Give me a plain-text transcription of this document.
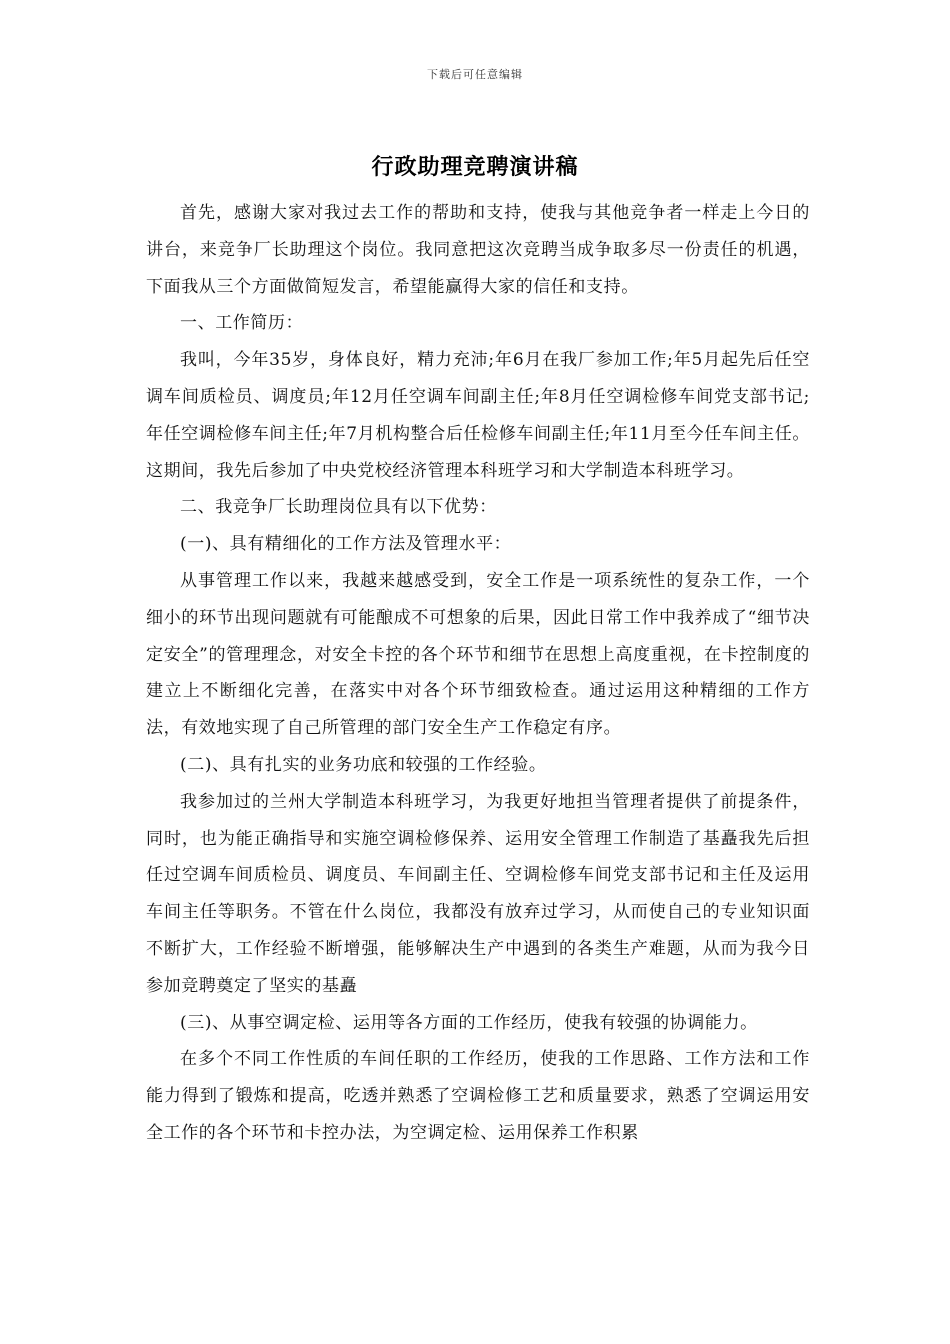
下载后可任意编辑
行政助理竞聘演讲稿

首先，感谢大家对我过去工作的帮助和支持，使我与其他竞争者一样走上今日的讲台，来竞争厂长助理这个岗位。我同意把这次竞聘当成争取多尽一份责任的机遇，下面我从三个方面做简短发言，希望能赢得大家的信任和支持。

一、工作简历：

我叫，今年35岁，身体良好，精力充沛;年6月在我厂参加工作;年5月起先后任空调车间质检员、调度员;年12月任空调车间副主任;年8月任空调检修车间党支部书记;年任空调检修车间主任;年7月机构整合后任检修车间副主任;年11月至今任车间主任。这期间，我先后参加了中央党校经济管理本科班学习和大学制造本科班学习。

二、我竞争厂长助理岗位具有以下优势：

(一)、具有精细化的工作方法及管理水平：

从事管理工作以来，我越来越感受到，安全工作是一项系统性的复杂工作，一个细小的环节出现问题就有可能酿成不可想象的后果，因此日常工作中我养成了“细节决定安全”的管理理念，对安全卡控的各个环节和细节在思想上高度重视，在卡控制度的建立上不断细化完善，在落实中对各个环节细致检查。通过运用这种精细的工作方法，有效地实现了自己所管理的部门安全生产工作稳定有序。

(二)、具有扎实的业务功底和较强的工作经验。

我参加过的兰州大学制造本科班学习，为我更好地担当管理者提供了前提条件，同时，也为能正确指导和实施空调检修保养、运用安全管理工作制造了基矗我先后担任过空调车间质检员、调度员、车间副主任、空调检修车间党支部书记和主任及运用车间主任等职务。不管在什么岗位，我都没有放弃过学习，从而使自己的专业知识面不断扩大，工作经验不断增强，能够解决生产中遇到的各类生产难题，从而为我今日参加竞聘奠定了坚实的基矗

(三)、从事空调定检、运用等各方面的工作经历，使我有较强的协调能力。

在多个不同工作性质的车间任职的工作经历，使我的工作思路、工作方法和工作能力得到了锻炼和提高，吃透并熟悉了空调检修工艺和质量要求，熟悉了空调运用安全工作的各个环节和卡控办法，为空调定检、运用保养工作积累
